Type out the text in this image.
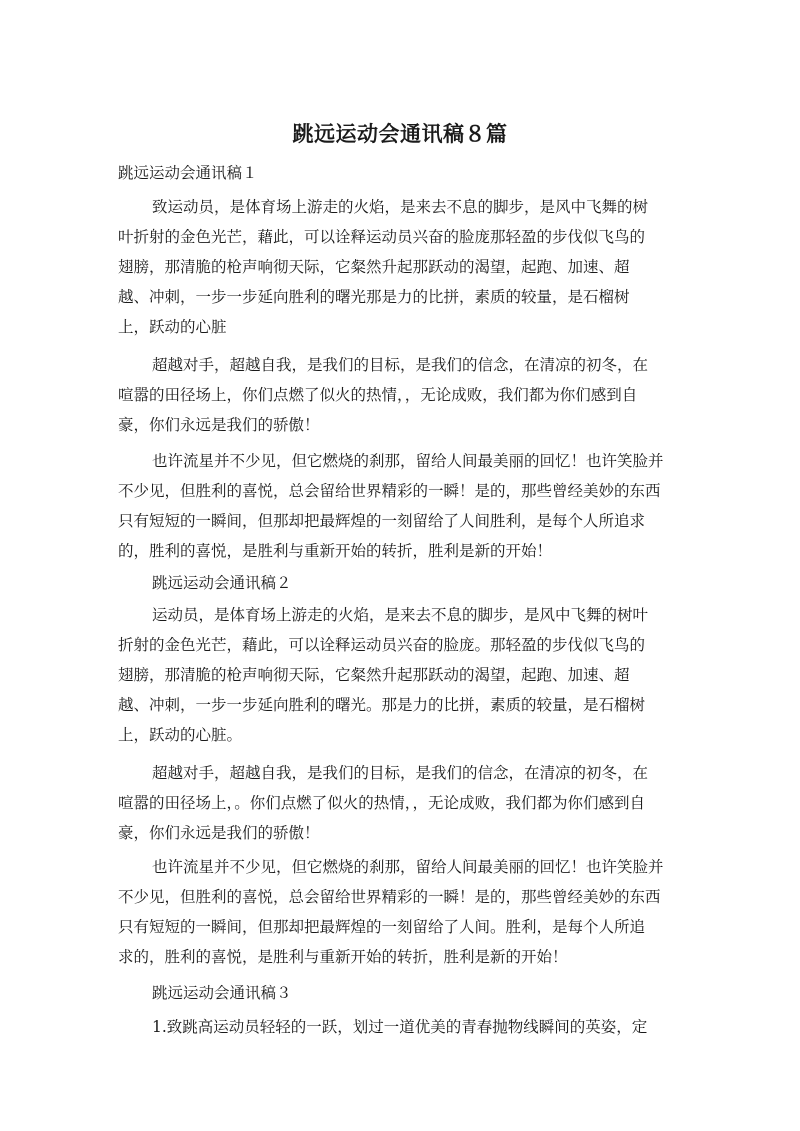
跳远运动会通讯稿８篇
跳远运动会通讯稿１
致运动员，是体育场上游走的火焰，是来去不息的脚步，是风中飞舞的树
叶折射的金色光芒，藉此，可以诠释运动员兴奋的脸庞那轻盈的步伐似飞鸟的
翅膀，那清脆的枪声响彻天际，它粲然升起那跃动的渴望，起跑、加速、超
越、冲刺，一步一步延向胜利的曙光那是力的比拼，素质的较量，是石榴树
上，跃动的心脏
超越对手，超越自我，是我们的目标，是我们的信念，在清凉的初冬，在
喧嚣的田径场上，你们点燃了似火的热情，，无论成败，我们都为你们感到自
豪，你们永远是我们的骄傲！
也许流星并不少见，但它燃烧的刹那，留给人间最美丽的回忆！也许笑脸并
不少见，但胜利的喜悦，总会留给世界精彩的一瞬！是的，那些曾经美妙的东西
只有短短的一瞬间，但那却把最辉煌的一刻留给了人间胜利，是每个人所追求
的，胜利的喜悦，是胜利与重新开始的转折，胜利是新的开始！
跳远运动会通讯稿２
运动员，是体育场上游走的火焰，是来去不息的脚步，是风中飞舞的树叶
折射的金色光芒，藉此，可以诠释运动员兴奋的脸庞。那轻盈的步伐似飞鸟的
翅膀，那清脆的枪声响彻天际，它粲然升起那跃动的渴望，起跑、加速、超
越、冲刺，一步一步延向胜利的曙光。那是力的比拼，素质的较量，是石榴树
上，跃动的心脏。
超越对手，超越自我，是我们的目标，是我们的信念，在清凉的初冬，在
喧嚣的田径场上，。你们点燃了似火的热情，，无论成败，我们都为你们感到自
豪，你们永远是我们的骄傲！
也许流星并不少见，但它燃烧的刹那，留给人间最美丽的回忆！也许笑脸并
不少见，但胜利的喜悦，总会留给世界精彩的一瞬！是的，那些曾经美妙的东西
只有短短的一瞬间，但那却把最辉煌的一刻留给了人间。胜利，是每个人所追
求的，胜利的喜悦，是胜利与重新开始的转折，胜利是新的开始！
跳远运动会通讯稿３
1.致跳高运动员轻轻的一跃，划过一道优美的青春抛物线瞬间的英姿，定
